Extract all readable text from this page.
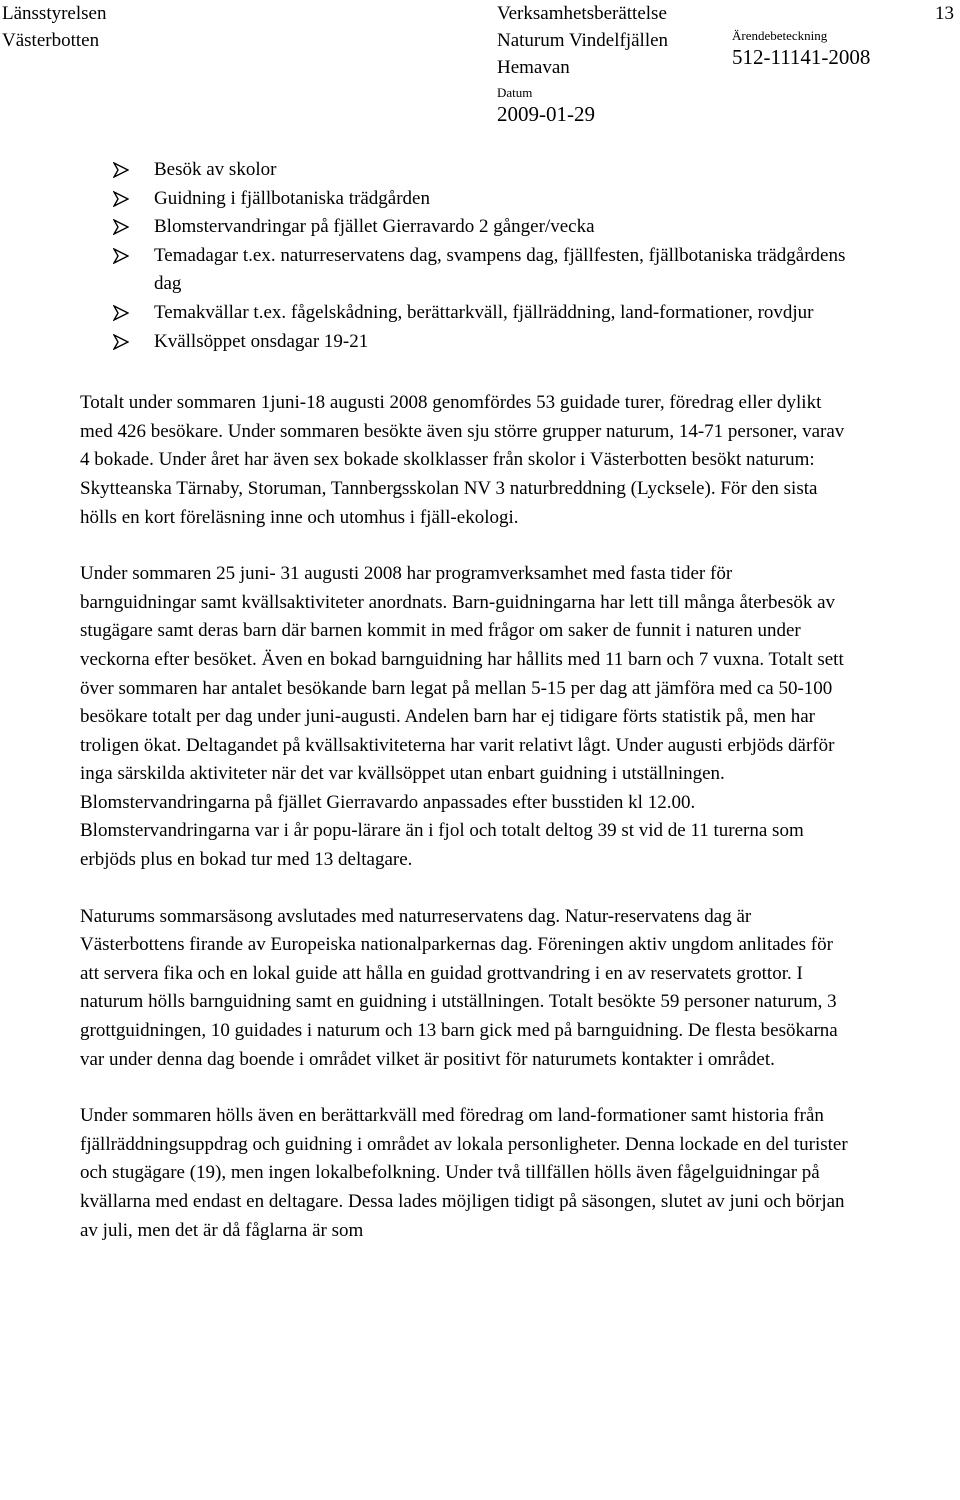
Länsstyrelsen
Västerbotten
Verksamhetsberättelse
Naturum Vindelfjällen
Hemavan
Datum
2009-01-29
Ärendebeteckning
512-11141-2008
13
Besök av skolor
Guidning i fjällbotaniska trädgården
Blomstervandringar på fjället Gierravardo 2 gånger/vecka
Temadagar t.ex. naturreservatens dag, svampens dag, fjällfesten, fjällbotaniska trädgårdens dag
Temakvällar t.ex. fågelskådning, berättarkväll, fjällräddning, land-formationer, rovdjur
Kvällsöppet onsdagar 19-21

Totalt under sommaren 1juni-18 augusti 2008 genomfördes 53 guidade turer, föredrag eller dylikt med 426 besökare. Under sommaren besökte även sju större grupper naturum, 14-71 personer, varav 4 bokade. Under året har även sex bokade skolklasser från skolor i Västerbotten besökt naturum: Skytteanska Tärnaby, Storuman, Tannbergsskolan NV 3 naturbreddning (Lycksele). För den sista hölls en kort föreläsning inne och utomhus i fjäll-ekologi.

Under sommaren 25 juni- 31 augusti 2008 har programverksamhet med fasta tider för barnguidningar samt kvällsaktiviteter anordnats. Barn-guidningarna har lett till många återbesök av stugägare samt deras barn där barnen kommit in med frågor om saker de funnit i naturen under veckorna efter besöket. Även en bokad barnguidning har hållits med 11 barn och 7 vuxna. Totalt sett över sommaren har antalet besökande barn legat på mellan 5-15 per dag att jämföra med ca 50-100 besökare totalt per dag under juni-augusti. Andelen barn har ej tidigare förts statistik på, men har troligen ökat. Deltagandet på kvällsaktiviteterna har varit relativt lågt. Under augusti erbjöds därför inga särskilda aktiviteter när det var kvällsöppet utan enbart guidning i utställningen. Blomstervandringarna på fjället Gierravardo anpassades efter busstiden kl 12.00. Blomstervandringarna var i år popu-lärare än i fjol och totalt deltog 39 st vid de 11 turerna som erbjöds plus en bokad tur med 13 deltagare.

Naturums sommarsäsong avslutades med naturreservatens dag. Natur-reservatens dag är Västerbottens firande av Europeiska nationalparkernas dag. Föreningen aktiv ungdom anlitades för att servera fika och en lokal guide att hålla en guidad grottvandring i en av reservatets grottor. I naturum hölls barnguidning samt en guidning i utställningen. Totalt besökte 59 personer naturum, 3 grottguidningen, 10 guidades i naturum och 13 barn gick med på barnguidning. De flesta besökarna var under denna dag boende i området vilket är positivt för naturumets kontakter i området.

Under sommaren hölls även en berättarkväll med föredrag om land-formationer samt historia från fjällräddningsuppdrag och guidning i området av lokala personligheter. Denna lockade en del turister och stugägare (19), men ingen lokalbefolkning. Under två tillfällen hölls även fågelguidningar på kvällarna med endast en deltagare. Dessa lades möjligen tidigt på säsongen, slutet av juni och början av juli, men det är då fåglarna är som
